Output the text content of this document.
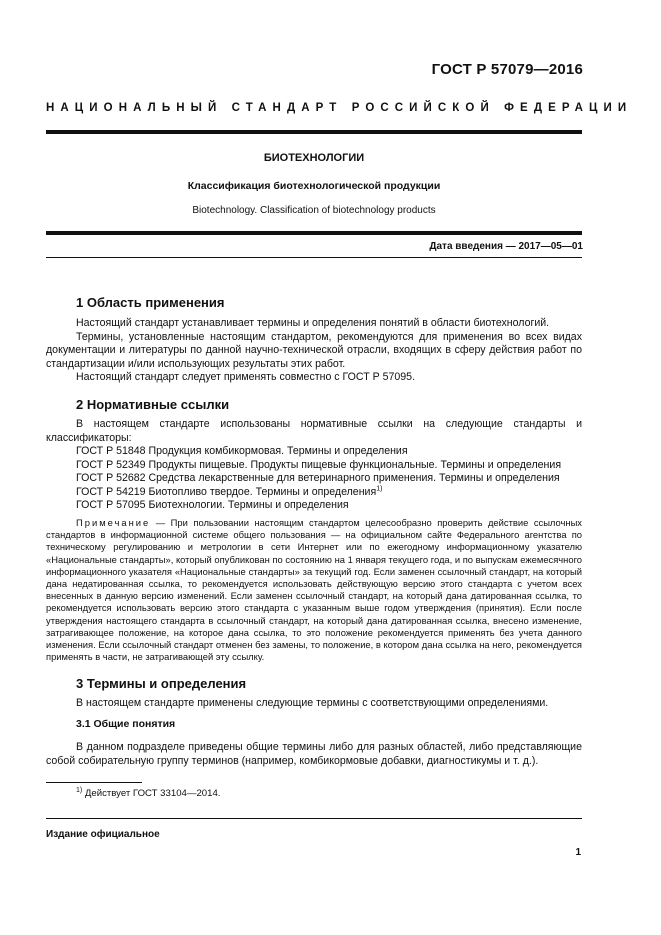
ГОСТ Р 57079—2016
НАЦИОНАЛЬНЫЙ СТАНДАРТ РОССИЙСКОЙ ФЕДЕРАЦИИ
БИОТЕХНОЛОГИИ
Классификация биотехнологической продукции
Biotechnology. Classification of biotechnology products
Дата введения — 2017—05—01
1 Область применения

Настоящий стандарт устанавливает термины и определения понятий в области биотехнологий.

Термины, установленные настоящим стандартом, рекомендуются для применения во всех видах документации и литературы по данной научно-технической отрасли, входящих в сферу действия работ по стандартизации и/или использующих результаты этих работ.

Настоящий стандарт следует применять совместно с ГОСТ Р 57095.

2 Нормативные ссылки

В настоящем стандарте использованы нормативные ссылки на следующие стандарты и классификаторы:

ГОСТ Р 51848 Продукция комбикормовая. Термины и определения
ГОСТ Р 52349 Продукты пищевые. Продукты пищевые функциональные. Термины и определения
ГОСТ Р 52682 Средства лекарственные для ветеринарного применения. Термины и определения
ГОСТ Р 54219 Биотопливо твердое. Термины и определения$^{1)}$
ГОСТ Р 57095 Биотехнологии. Термины и определения
Примечание — При пользовании настоящим стандартом целесообразно проверить действие ссылочных стандартов в информационной системе общего пользования — на официальном сайте Федерального агентства по техническому регулированию и метрологии в сети Интернет или по ежегодному информационному указателю «Национальные стандарты», который опубликован по состоянию на 1 января текущего года, и по выпускам ежемесячного информационного указателя «Национальные стандарты» за текущий год. Если заменен ссылочный стандарт, на который дана недатированная ссылка, то рекомендуется использовать действующую версию этого стандарта с учетом всех внесенных в данную версию изменений. Если заменен ссылочный стандарт, на который дана датированная ссылка, то рекомендуется использовать версию этого стандарта с указанным выше годом утверждения (принятия). Если после утверждения настоящего стандарта в ссылочный стандарт, на который дана датированная ссылка, внесено изменение, затрагивающее положение, на которое дана ссылка, то это положение рекомендуется применять без учета данного изменения. Если ссылочный стандарт отменен без замены, то положение, в котором дана ссылка на него, рекомендуется применять в части, не затрагивающей эту ссылку.
3 Термины и определения

В настоящем стандарте применены следующие термины с соответствующими определениями.

3.1 Общие понятия

В данном подразделе приведены общие термины либо для разных областей, либо представляющие собой собирательную группу терминов (например, комбикормовые добавки, диагностикумы и т. д.).

$^{1)}$ Действует ГОСТ 33104—2014.
Издание официальное
1
